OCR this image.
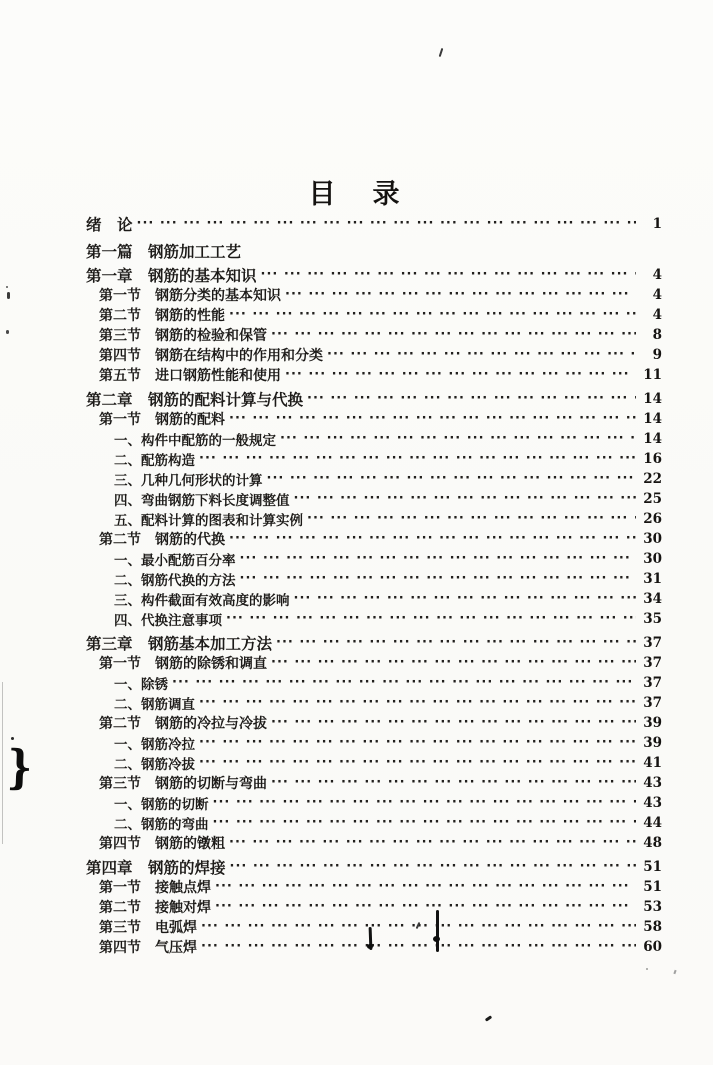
目　录
绪　论 ··· ·	1
第一篇　钢筋加工工艺
第一章　钢筋的基本知识 ··· ·	4
第一节　钢筋分类的基本知识 ··· ·	4
第二节　钢筋的性能 ··· ·	4
第三节　钢筋的检验和保管 ··· ·	8
第四节　钢筋在结构中的作用和分类 ··· ·	9
第五节　进口钢筋性能和使用 ··· ·	11
第二章　钢筋的配料计算与代换 ··· ·	14
第一节　钢筋的配料 ··· ·	14
一、构件中配筋的一般规定 ··· ·	14
二、配筋构造 ··· ·	16
三、几种几何形状的计算 ··· ·	22
四、弯曲钢筋下料长度调整值 ··· ·	25
五、配料计算的图表和计算实例 ··· ·	26
第二节　钢筋的代换 ··· ·	30
一、最小配筋百分率 ··· ·	30
二、钢筋代换的方法 ··· ·	31
三、构件截面有效高度的影响 ··· ·	34
四、代换注意事项 ··· ·	35
第三章　钢筋基本加工方法 ··· ·	37
第一节　钢筋的除锈和调直 ··· ·	37
一、除锈 ··· ·	37
二、钢筋调直 ··· ·	37
第二节　钢筋的冷拉与冷拔 ··· ·	39
一、钢筋冷拉 ··· ·	39
二、钢筋冷拔 ··· ·	41
第三节　钢筋的切断与弯曲 ··· ·	43
一、钢筋的切断 ··· ·	43
二、钢筋的弯曲 ··· ·	44
第四节　钢筋的镦粗 ··· ·	48
第四章　钢筋的焊接 ··· ·	51
第一节　接触点焊 ··· ·	51
第二节　接触对焊 ··· ·	53
第三节　电弧焊 ··· ·	58
第四节　气压焊 ··· ·	60

}
